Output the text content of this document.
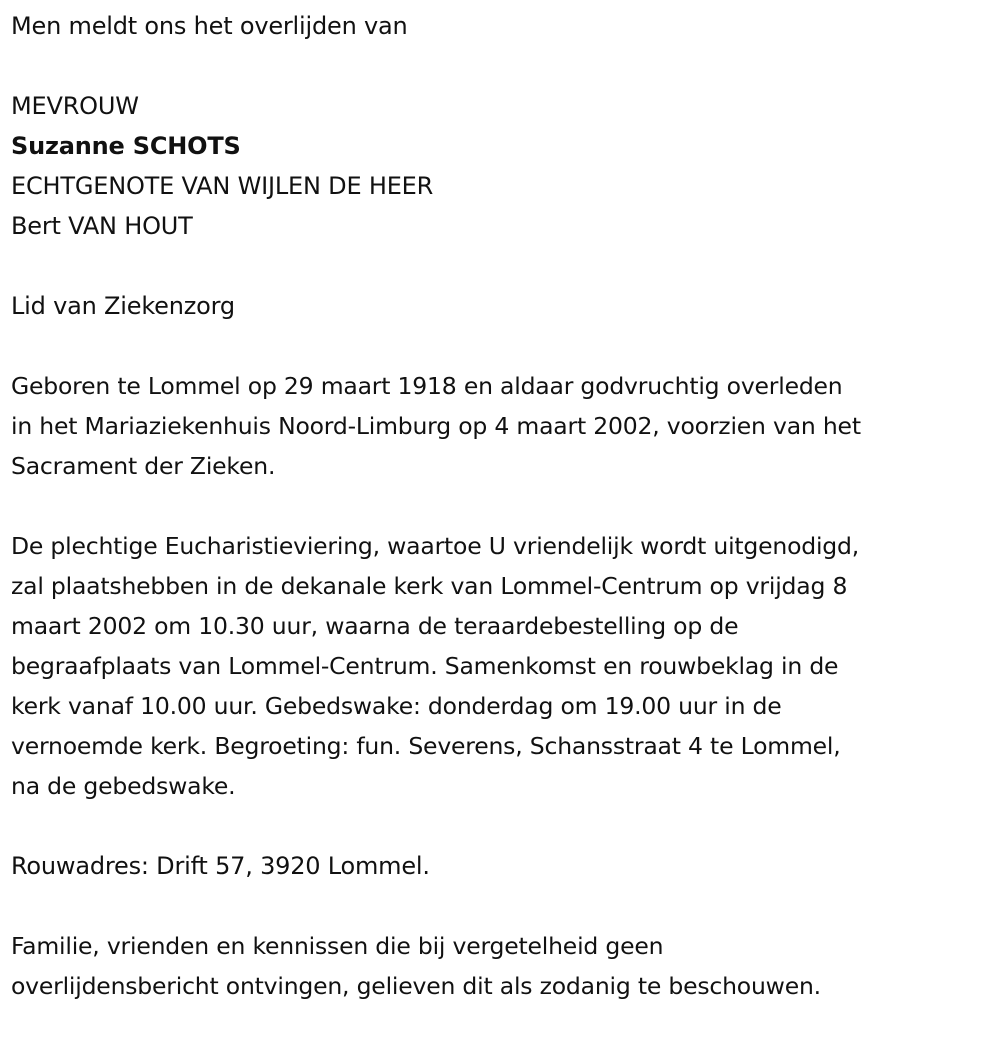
Men meldt ons het overlijden van

MEVROUW

Suzanne SCHOTS

ECHTGENOTE VAN WIJLEN DE HEER

Bert VAN HOUT

Lid van Ziekenzorg

Geboren te Lommel op 29 maart 1918 en aldaar godvruchtig overleden
in het Mariaziekenhuis Noord-Limburg op 4 maart 2002, voorzien van het
Sacrament der Zieken.

De plechtige Eucharistieviering, waartoe U vriendelijk wordt uitgenodigd,
zal plaatshebben in de dekanale kerk van Lommel-Centrum op vrijdag 8
maart 2002 om 10.30 uur, waarna de teraardebestelling op de
begraafplaats van Lommel-Centrum. Samenkomst en rouwbeklag in de
kerk vanaf 10.00 uur. Gebedswake: donderdag om 19.00 uur in de
vernoemde kerk. Begroeting: fun. Severens, Schansstraat 4 te Lommel,
na de gebedswake.

Rouwadres: Drift 57, 3920 Lommel.

Familie, vrienden en kennissen die bij vergetelheid geen
overlijdensbericht ontvingen, gelieven dit als zodanig te beschouwen.
